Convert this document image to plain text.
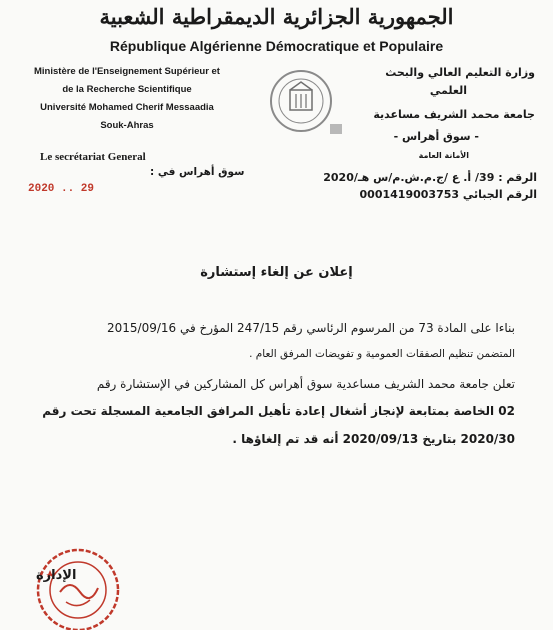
الجمهورية الجزائرية الديمقراطية الشعبية
République Algérienne Démocratique et Populaire
Ministère de l'Enseignement Supérieur et
de la Recherche Scientifique
Université Mohamed Cherif Messaadia
Souk-Ahras
وزارة التعليم العالي والبحث
العلمي
جامعة محمد الشريف مساعدية
- سوق أهراس -
Le secrétariat General
سوق أهراس في :
2020 .. 29
الأمانة العامة
الرقم : 39/ أ. ع /ج.م.ش.م/س هـ/2020
الرقم الجبائي 0001419003753
إعلان عن إلغاء إستشارة
بناءا على المادة 73 من المرسوم الرئاسي رقم 247/15 المؤرخ في 2015/09/16
المتضمن تنظيم الصفقات العمومية و تفويضات المرفق العام .
تعلن جامعة محمد الشريف مساعدية سوق أهراس كل المشاركين في الإستشارة رقم
02 الخاصة بمتابعة لإنجاز أشغال إعادة تأهيل المرافق الجامعية المسجلة تحت رقم
2020/30 بتاريخ 2020/09/13 أنه قد تم إلغاؤها .
الإدارة
